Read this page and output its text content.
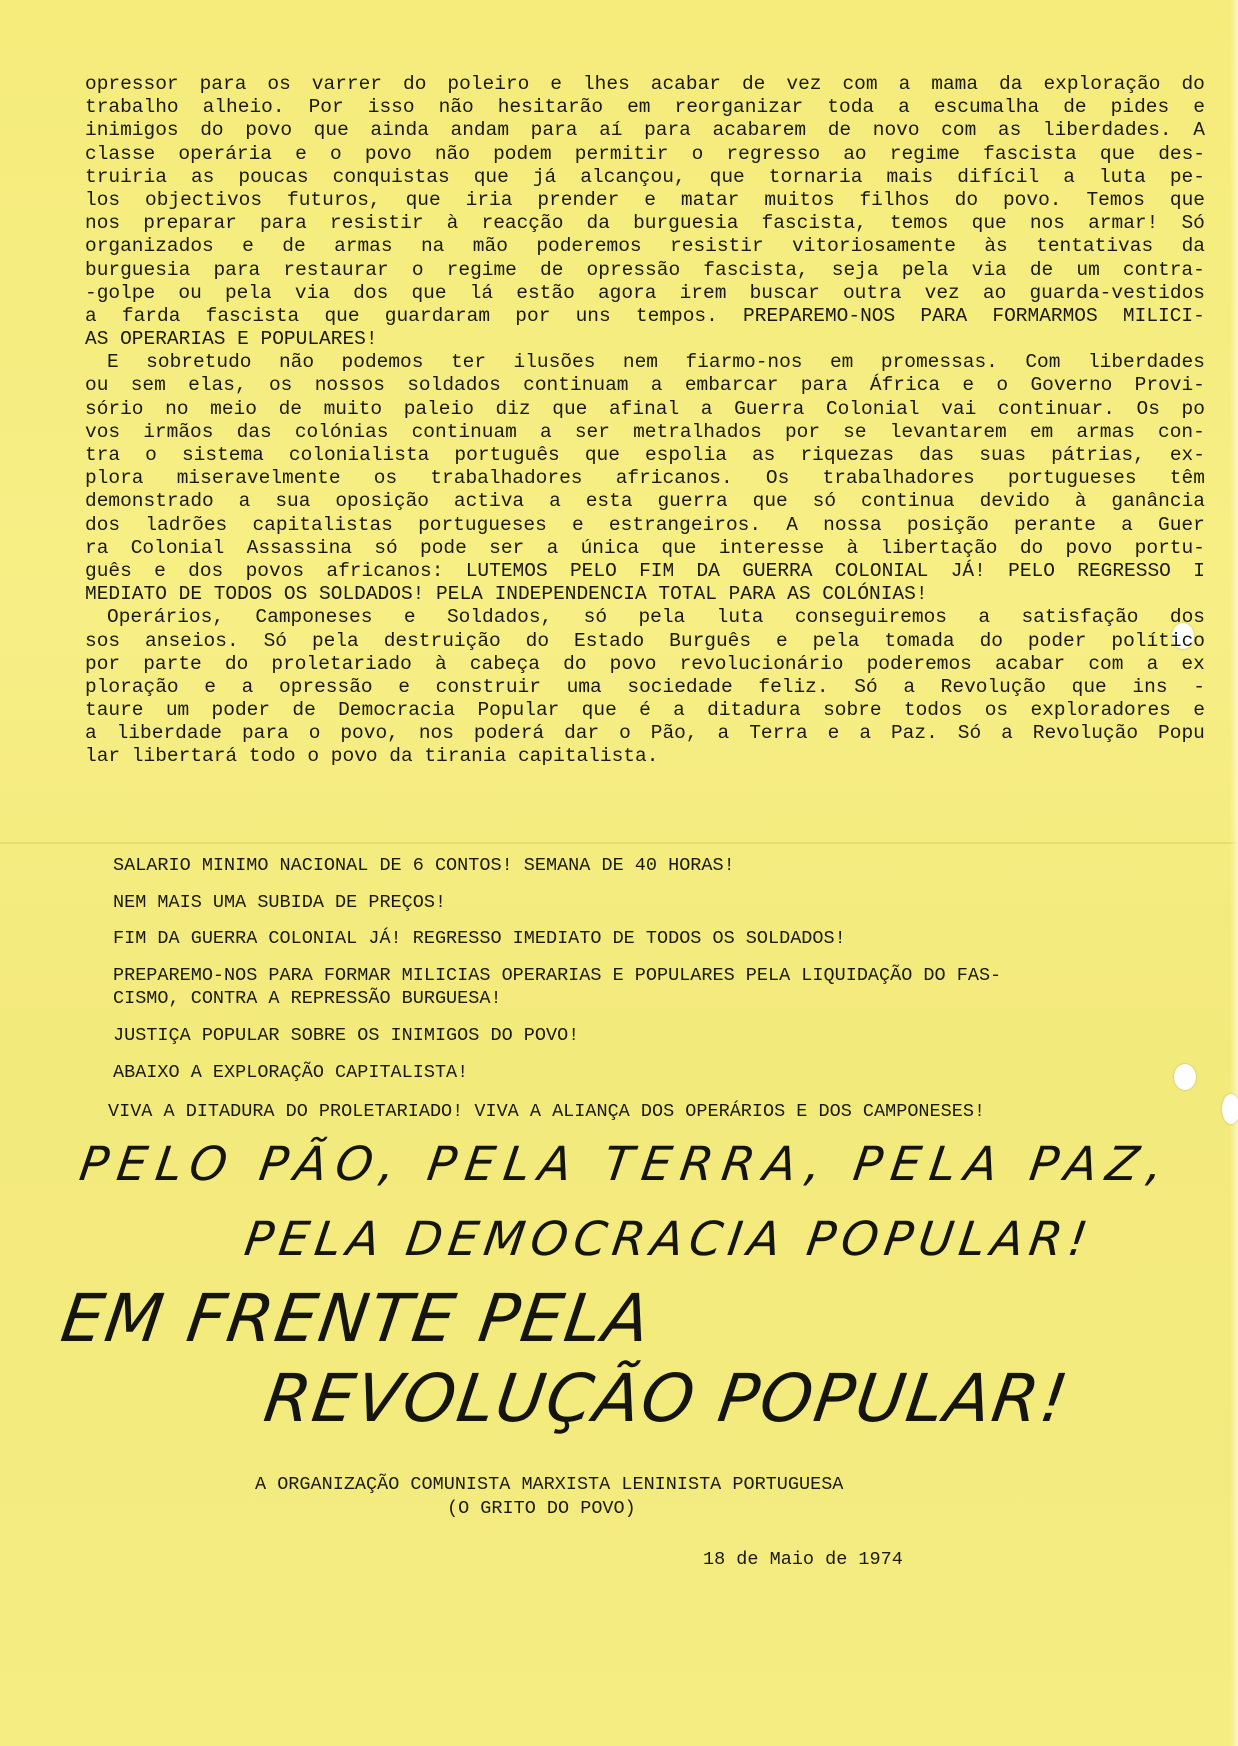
opressor para os varrer do poleiro e lhes acabar de vez com a mama da exploração do
trabalho alheio. Por isso não hesitarão em reorganizar toda a escumalha de pides e
inimigos do povo que ainda andam para aí para acabarem de novo com as liberdades. A
classe operária e o povo não podem permitir o regresso ao regime fascista que des-
truiria as poucas conquistas que já alcançou, que tornaria mais difícil a luta pe-
los objectivos futuros, que iria prender e matar muitos filhos do povo. Temos que
nos preparar para resistir à reacção da burguesia fascista, temos que nos armar! Só
organizados e de armas na mão poderemos resistir vitoriosamente às tentativas da
burguesia para restaurar o regime de opressão fascista, seja pela via de um contra-
-golpe ou pela via dos que lá estão agora irem buscar outra vez ao guarda-vestidos
a farda fascista que guardaram por uns tempos. PREPAREMO-NOS PARA FORMARMOS MILICI-
AS OPERARIAS E POPULARES!
E sobretudo não podemos ter ilusões nem fiarmo-nos em promessas. Com liberdades
ou sem elas, os nossos soldados continuam a embarcar para África e o Governo Provi-
sório no meio de muito paleio diz que afinal a Guerra Colonial vai continuar. Os po
vos irmãos das colónias continuam a ser metralhados por se levantarem em armas con-
tra o sistema colonialista português que espolia as riquezas das suas pátrias, ex-
plora miseravelmente os trabalhadores africanos. Os trabalhadores portugueses têm
demonstrado a sua oposição activa a esta guerra que só continua devido à ganância
dos ladrões capitalistas portugueses e estrangeiros. A nossa posição perante a Guer
ra Colonial Assassina só pode ser a única que interesse à libertação do povo portu-
guês e dos povos africanos: LUTEMOS PELO FIM DA GUERRA COLONIAL JÁ! PELO REGRESSO I
MEDIATO DE TODOS OS SOLDADOS! PELA INDEPENDENCIA TOTAL PARA AS COLÓNIAS!
Operários, Camponeses e Soldados, só pela luta conseguiremos a satisfação dos
sos anseios. Só pela destruição do Estado Burguês e pela tomada do poder político
por parte do proletariado à cabeça do povo revolucionário poderemos acabar com a ex
ploração e a opressão e construir uma sociedade feliz. Só a Revolução que ins -
taure um poder de Democracia Popular que é a ditadura sobre todos os exploradores e
a liberdade para o povo, nos poderá dar o Pão, a Terra e a Paz. Só a Revolução Popu
lar libertará todo o povo da tirania capitalista.
SALARIO MINIMO NACIONAL DE 6 CONTOS! SEMANA DE 40 HORAS!
NEM MAIS UMA SUBIDA DE PREÇOS!
FIM DA GUERRA COLONIAL JÁ! REGRESSO IMEDIATO DE TODOS OS SOLDADOS!
PREPAREMO-NOS PARA FORMAR MILICIAS OPERARIAS E POPULARES PELA LIQUIDAÇÃO DO FAS-
CISMO, CONTRA A REPRESSÃO BURGUESA!
JUSTIÇA POPULAR SOBRE OS INIMIGOS DO POVO!
ABAIXO A EXPLORAÇÃO CAPITALISTA!
VIVA A DITADURA DO PROLETARIADO! VIVA A ALIANÇA DOS OPERÁRIOS E DOS CAMPONESES!
PELO PÃO, PELA TERRA, PELA PAZ,
PELA DEMOCRACIA POPULAR!
EM FRENTE PELA
REVOLUÇÃO POPULAR!
A ORGANIZAÇÃO COMUNISTA MARXISTA LENINISTA PORTUGUESA
(O GRITO DO POVO)
18 de Maio de 1974
